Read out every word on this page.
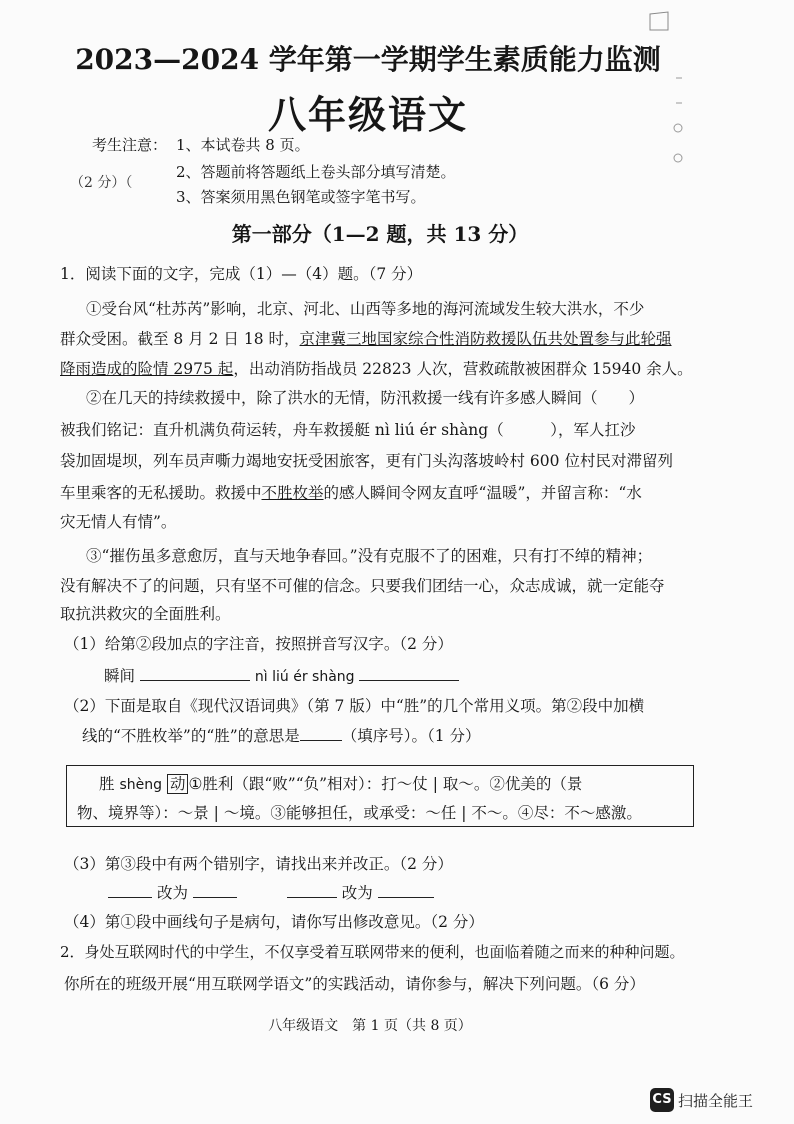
2023—2024 学年第一学期学生素质能力监测
八年级语文
考生注意： 1、本试卷共 8 页。
2、答题前将答题纸上卷头部分填写清楚。
3、答案须用黑色钢笔或签字笔书写。
（2 分）（
第一部分（1—2 题，共 13 分）
1．阅读下面的文字，完成（1）—（4）题。（7 分）
①受台风“杜苏芮”影响，北京、河北、山西等多地的海河流域发生较大洪水，不少
群众受困。截至 8 月 2 日 18 时，京津冀三地国家综合性消防救援队伍共处置参与此轮强
降雨造成的险情 2975 起，出动消防指战员 22823 人次，营救疏散被困群众 15940 余人。
②在几天的持续救援中，除了洪水的无情，防汛救援一线有许多感人瞬间（　　）
被我们铭记：直升机满负荷运转，舟车救援艇 nì liú ér shàng（　　　），军人扛沙
袋加固堤坝，列车员声嘶力竭地安抚受困旅客，更有门头沟落坡岭村 600 位村民对滞留列
车里乘客的无私援助。救援中不胜枚举的感人瞬间令网友直呼“温暖”，并留言称：“水
灾无情人有情”。
③“摧伤虽多意愈厉，直与天地争春回。”没有克服不了的困难，只有打不绰的精神；
没有解决不了的问题，只有坚不可催的信念。只要我们团结一心，众志成诚，就一定能夺
取抗洪救灾的全面胜利。
（1）给第②段加点的字注音，按照拼音写汉字。（2 分）
瞬间	nì liú ér shàng
（2）下面是取自《现代汉语词典》（第 7 版）中“胜”的几个常用义项。第②段中加横
线的“不胜枚举”的“胜”的意思是	（填序号）。（1 分）
胜 shèng 动 ①胜利（跟“败”“负”相对）：打～仗 | 取～。②优美的（景
物、境界等）：～景 | ～境。③能够担任，或承受：～任 | 不～。④尽：不～感激。
（3）第③段中有两个错别字，请找出来并改正。（2 分）
改为	改为
（4）第①段中画线句子是病句，请你写出修改意见。（2 分）
2．身处互联网时代的中学生，不仅享受着互联网带来的便利，也面临着随之而来的种种问题。
你所在的班级开展“用互联网学语文”的实践活动，请你参与，解决下列问题。（6 分）
八年级语文　第 1 页（共 8 页）
CS 扫描全能王
